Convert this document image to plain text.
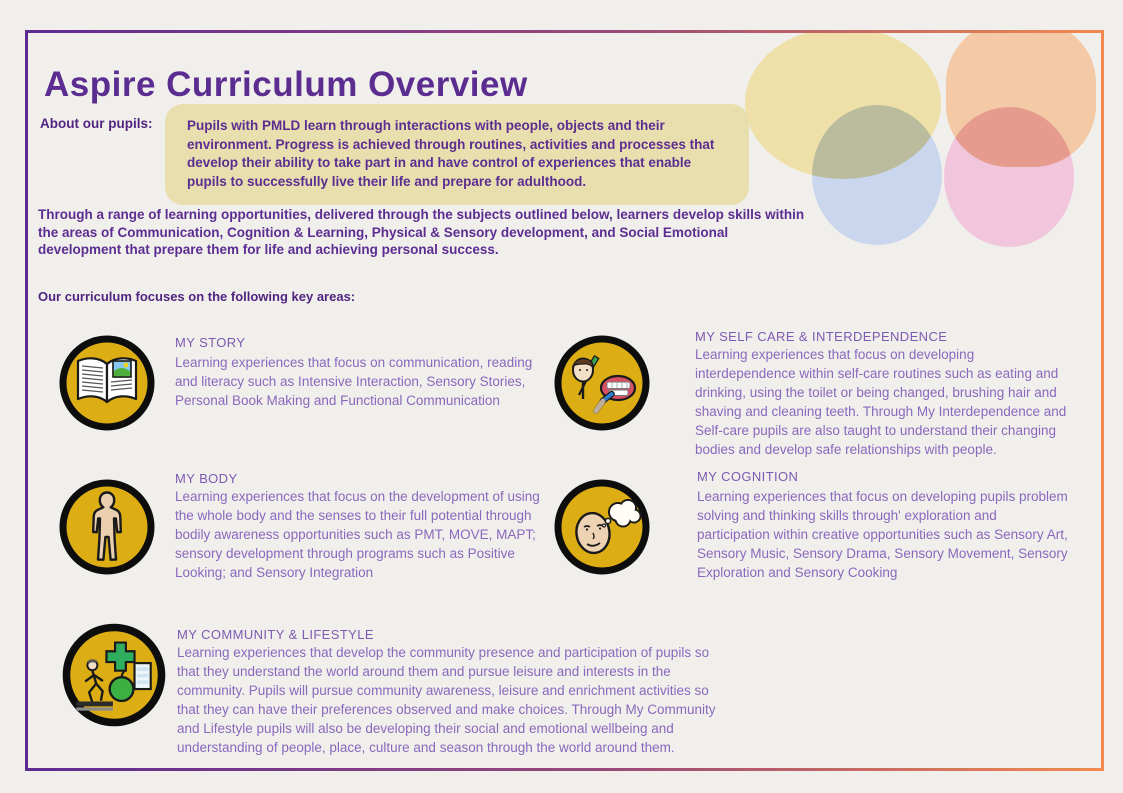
Aspire Curriculum Overview
About our pupils:	Pupils with PMLD learn through interactions with people, objects and their environment. Progress is achieved through routines, activities and processes that develop their ability to take part in and have control of experiences that enable pupils to successfully live their life and prepare for adulthood.
Through a range of learning opportunities, delivered through the subjects outlined below, learners develop skills within the areas of Communication, Cognition & Learning, Physical & Sensory development, and Social Emotional development that prepare them for life and achieving personal success.
Our curriculum focuses on the following key areas:
MY STORY

Learning experiences that focus on communication, reading and literacy such as Intensive Interaction, Sensory Stories, Personal Book Making and Functional Communication

MY SELF CARE & INTERDEPENDENCE

Learning experiences that focus on developing interdependence within self-care routines such as eating and drinking, using the toilet or being changed, brushing hair and shaving and cleaning teeth. Through My Interdependence and Self-care pupils are also taught to understand their changing bodies and develop safe relationships with people.

MY BODY

Learning experiences that focus on the development of using the whole body and the senses to their full potential through bodily awareness opportunities such as PMT, MOVE, MAPT; sensory development through programs such as Positive Looking; and Sensory Integration

MY COGNITION

Learning experiences that focus on developing pupils problem solving and thinking skills through' exploration and participation within creative opportunities such as Sensory Art, Sensory Music, Sensory Drama, Sensory Movement, Sensory Exploration and Sensory Cooking

MY COMMUNITY & LIFESTYLE

Learning experiences that develop the community presence and participation of pupils so that they understand the world around them and pursue leisure and interests in the community. Pupils will pursue community awareness, leisure and enrichment activities so that they can have their preferences observed and make choices. Through My Community and Lifestyle pupils will also be developing their social and emotional wellbeing and understanding of people, place, culture and season through the world around them.
